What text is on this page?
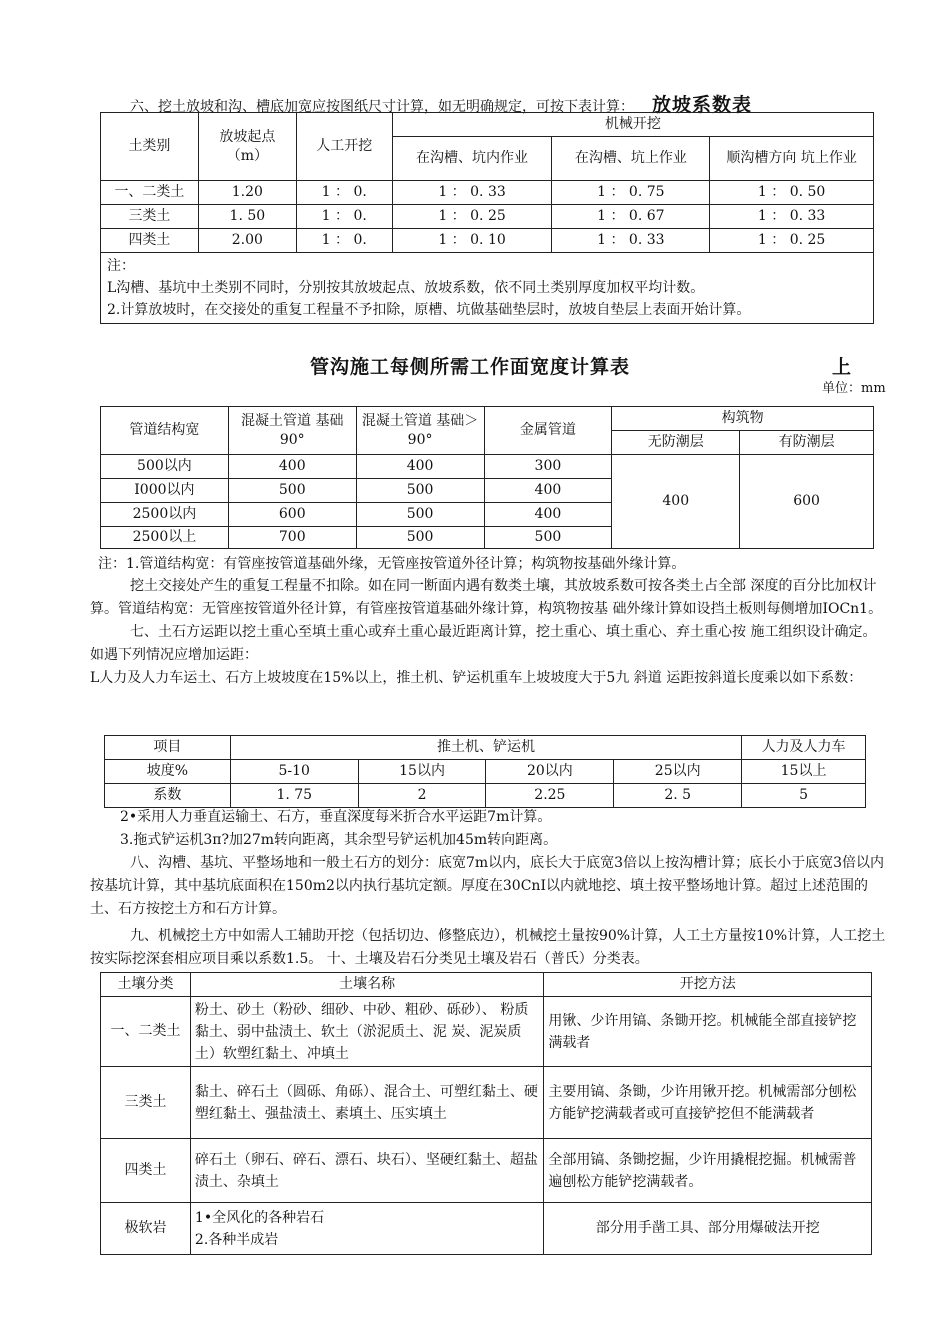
六、挖土放坡和沟、槽底加宽应按图纸尺寸计算，如无明确规定，可按下表计算： 放坡系数表
土类别	放坡起点（m）	人工开挖	机械开挖		
			在沟槽、坑内作业	在沟槽、坑上作业	顺沟槽方向 坑上作业
一、二类土	1.20	1 ： 0.	1 ： 0. 33	1 ： 0. 75	1 ： 0. 50
三类土	1. 50	1 ： 0.	1 ： 0. 25	1 ： 0. 67	1 ： 0. 33
四类土	2.00	1 ： 0.	1 ： 0. 10	1 ： 0. 33	1 ： 0. 25

注：
L沟槽、基坑中土类别不同时，分别按其放坡起点、放坡系数，依不同土类别厚度加权平均计数。
2.计算放坡时，在交接处的重复工程量不予扣除，原槽、坑做基础垫层时，放坡自垫层上表面开始计算。					
管沟施工每侧所需工作面宽度计算表	上
单位：mm
管道结构宽	混凝土管道 基础90°	混凝土管道 基础＞ 90°	金属管道	构筑物	
				无防潮层	有防潮层
500以内	400	400	300	400	600
I000以内	500	500	400		
2500以内	600	500	400		
2500以上	700	500	500		

注：1.管道结构宽：有管座按管道基础外缘，无管座按管道外径计算；构筑物按基础外缘计算。

挖土交接处产生的重复工程量不扣除。如在同一断面内遇有数类土壤，其放坡系数可按各类土占全部 深度的百分比加权计算。管道结构宽：无管座按管道外径计算，有管座按管道基础外缘计算，构筑物按基 础外缘计算如设挡土板则每侧增加IOCn1。

七、土石方运距以挖土重心至填土重心或弃土重心最近距离计算，挖土重心、填土重心、弃土重心按 施工组织设计确定。如遇下列情况应增加运距：

L人力及人力车运土、石方上坡坡度在15%以上，推土机、铲运机重车上坡坡度大于5九 斜道 运距按斜道长度乘以如下系数：

项目	推土机、铲运机				人力及人力车
坡度%	5-10	15以内	20以内	25以内	15以上
系数	1. 75	2	2.25	2. 5	5

2•采用人力垂直运输土、石方，垂直深度每米折合水平运距7m计算。

3.拖式铲运机3π?加27m转向距离，其余型号铲运机加45m转向距离。

八、沟槽、基坑、平整场地和一般土石方的划分：底宽7m以内，底长大于底宽3倍以上按沟槽计算；底长小于底宽3倍以内按基坑计算，其中基坑底面积在150m2以内执行基坑定额。厚度在30CnI以内就地挖、填土按平整场地计算。超过上述范围的土、石方按挖土方和石方计算。

九、机械挖土方中如需人工辅助开挖（包括切边、修整底边），机械挖土量按90%计算，人工土方量按10%计算，人工挖土按实际挖深套相应项目乘以系数1.5。 十、土壤及岩石分类见土壤及岩石（普氏）分类表。

土壤分类	土壤名称	开挖方法
一、二类土	粉土、砂土（粉砂、细砂、中砂、粗砂、砾砂）、 粉质黏土、弱中盐渍土、软土（淤泥质土、泥 炭、泥炭质土）软塑红黏土、冲填土	用锹、少许用镐、条锄开挖。机械能全部直接铲挖满载者
三类土	黏土、碎石土（圆砾、角砾）、混合土、可塑红黏土、硬塑红黏土、强盐渍土、素填土、压实填土	主要用镐、条锄，少许用锹开挖。机械需部分刨松方能铲挖满载者或可直接铲挖但不能满载者
四类土	碎石土（卵石、碎石、漂石、块石）、坚硬红黏土、超盐渍土、杂填土	全部用镐、条锄挖掘，少许用撬棍挖掘。机械需普遍刨松方能铲挖满载者。
极软岩	1•全风化的各种岩石
2.各种半成岩	部分用手凿工具、部分用爆破法开挖
